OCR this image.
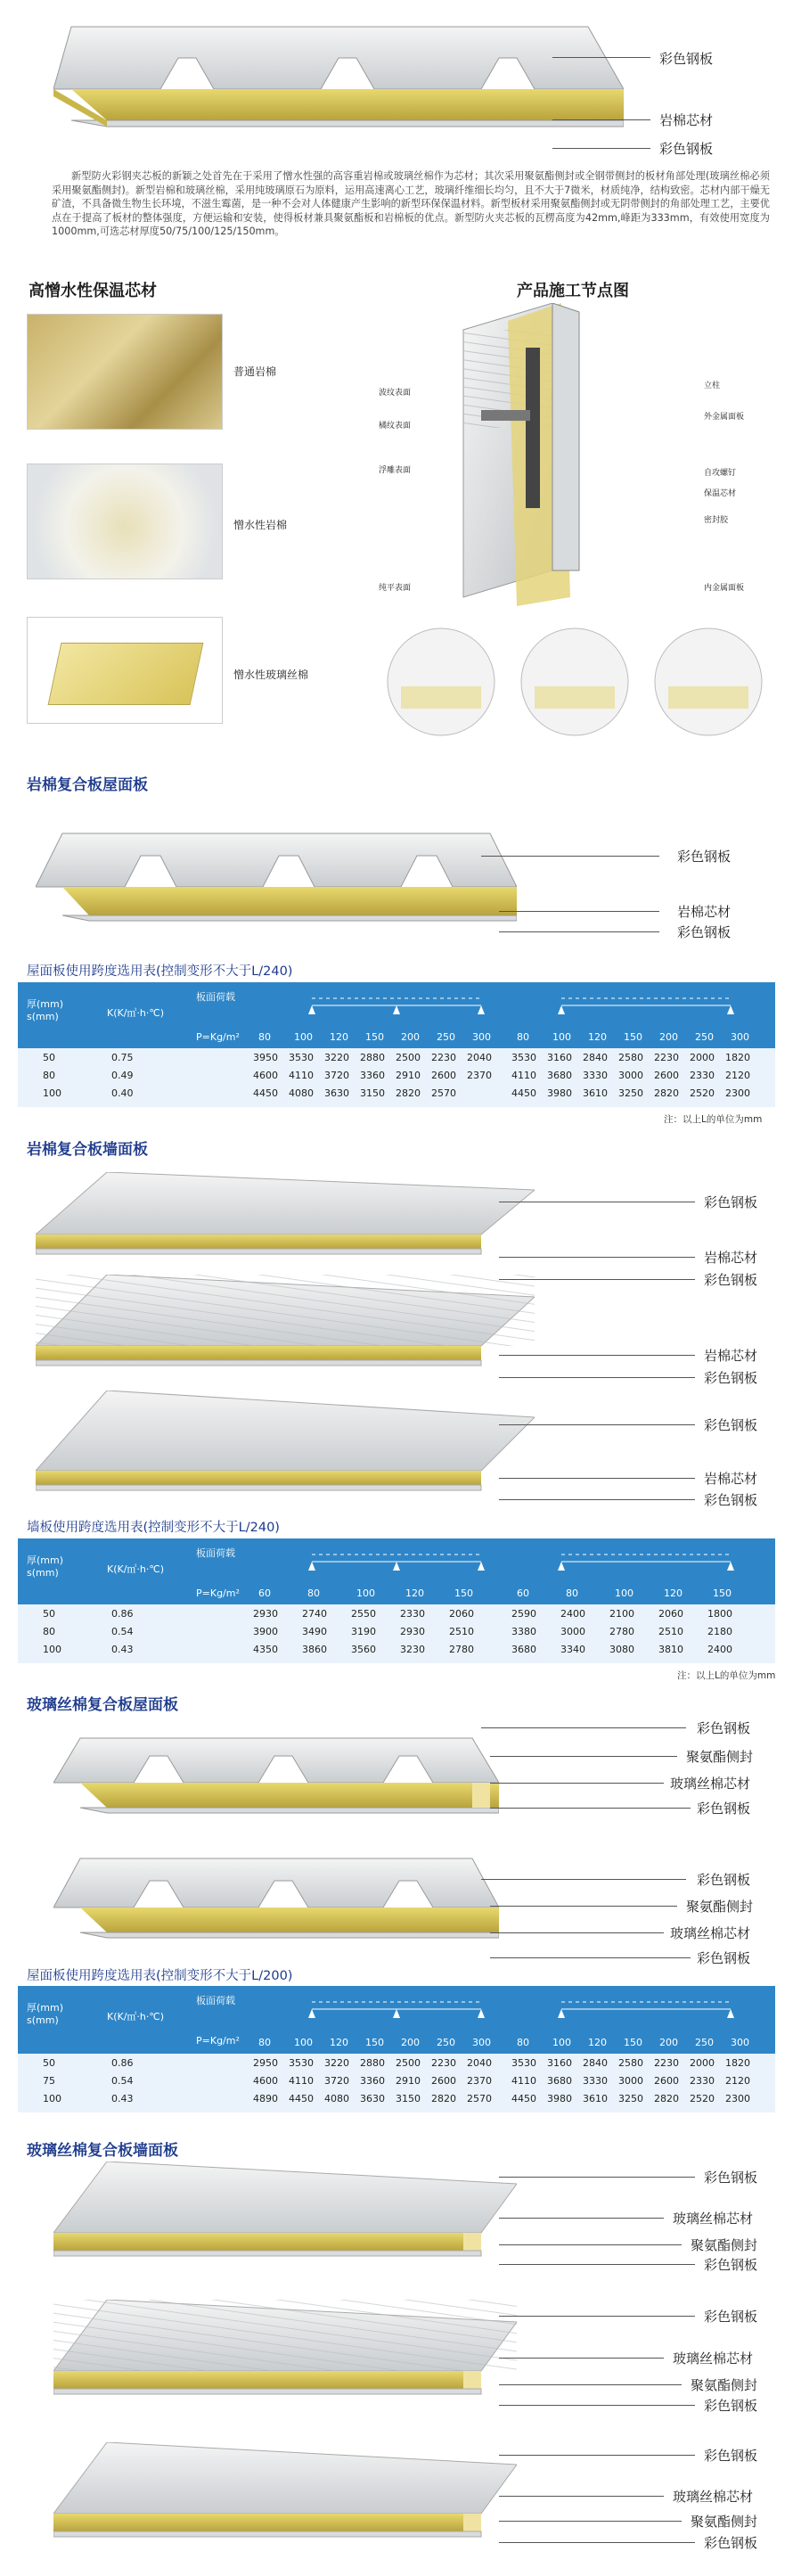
彩色钢板
岩棉芯材
彩色钢板
新型防火彩钢夹芯板的新颖之处首先在于采用了憎水性强的高容重岩棉或玻璃丝棉作为芯材；其次采用聚氨酯侧封或全钢带侧封的板材角部处理(玻璃丝棉必须采用聚氨酯侧封)。新型岩棉和玻璃丝棉，采用纯玻璃原石为原料，运用高速离心工艺，玻璃纤维细长均匀，且不大于7微米，材质纯净，结构致密。芯材内部干燥无矿渣，不具备微生物生长环境，不滋生霉菌，是一种不会对人体健康产生影响的新型环保保温材料。新型板材采用聚氨酯侧封或无阴带侧封的角部处理工艺，主要优点在于提高了板材的整体强度，方便运输和安装，使得板材兼具聚氨酯板和岩棉板的优点。新型防火夹芯板的瓦楞高度为42mm,峰距为333mm，有效使用宽度为1000mm,可选芯材厚度50/75/100/125/150mm。
高憎水性保温芯材	产品施工节点图
普通岩棉
憎水性岩棉
憎水性玻璃丝棉
波纹表面
橘纹表面
浮雕表面
纯平表面
立柱
外金属面板
自攻螺钉
保温芯材
密封胶
内金属面板
岩棉复合板屋面板
彩色钢板
岩棉芯材
彩色钢板
屋面板使用跨度选用表(控制变形不大于L/240)
厚(mm)
s(mm)	K(K/㎡·h·℃)
板面荷载
P=Kg/m² 80 100 120 150 200 250 300	80 100 120 150 200 250 300
50	0.75	3950 3530 3220 2880 2500 2230 2040 3530 3160 2840 2580 2230 2000 1820
80	0.49	4600 4110 3720 3360 2910 2600 2370 4110 3680 3330 3000 2600 2330 2120
100	0.40	4450 4080 3630 3150 2820 2570	4450 3980 3610 3250 2820 2520 2300
注：以上L的单位为mm
岩棉复合板墙面板
彩色钢板
岩棉芯材
彩色钢板
岩棉芯材
彩色钢板
彩色钢板
岩棉芯材
彩色钢板
墙板使用跨度选用表(控制变形不大于L/240)
厚(mm)
s(mm)	K(K/㎡·h·℃)
板面荷载
P=Kg/m² 60	80	100	120	150	60	80	100	120	150
50	0.86	2930 2740 2550 2330 2060	2590 2400 2100 2060 1800
80	0.54	3900 3490 3190 2930 2510	3380 3000 2780 2510 2180
100	0.43	4350 3860 3560 3230 2780	3680 3340 3080 3810 2400
注：以上L的单位为mm
玻璃丝棉复合板屋面板
彩色钢板
聚氨酯侧封
玻璃丝棉芯材
彩色钢板
彩色钢板
聚氨酯侧封
玻璃丝棉芯材
彩色钢板
屋面板使用跨度选用表(控制变形不大于L/200)
厚(mm)
s(mm)	K(K/㎡·h·℃)
板面荷载
P=Kg/m² 80 100 120 150 200 250 300	80 100 120 150 200 250 300
50	0.86	2950 3530 3220 2880 2500 2230 2040 3530 3160 2840 2580 2230 2000 1820
75	0.54	4600 4110 3720 3360 2910 2600 2370 4110 3680 3330 3000 2600 2330 2120
100	0.43	4890 4450 4080 3630 3150 2820 2570 4450 3980 3610 3250 2820 2520 2300
玻璃丝棉复合板墙面板
彩色钢板
玻璃丝棉芯材
聚氨酯侧封
彩色钢板
彩色钢板
玻璃丝棉芯材
聚氨酯侧封
彩色钢板
彩色钢板
玻璃丝棉芯材
聚氨酯侧封
彩色钢板
